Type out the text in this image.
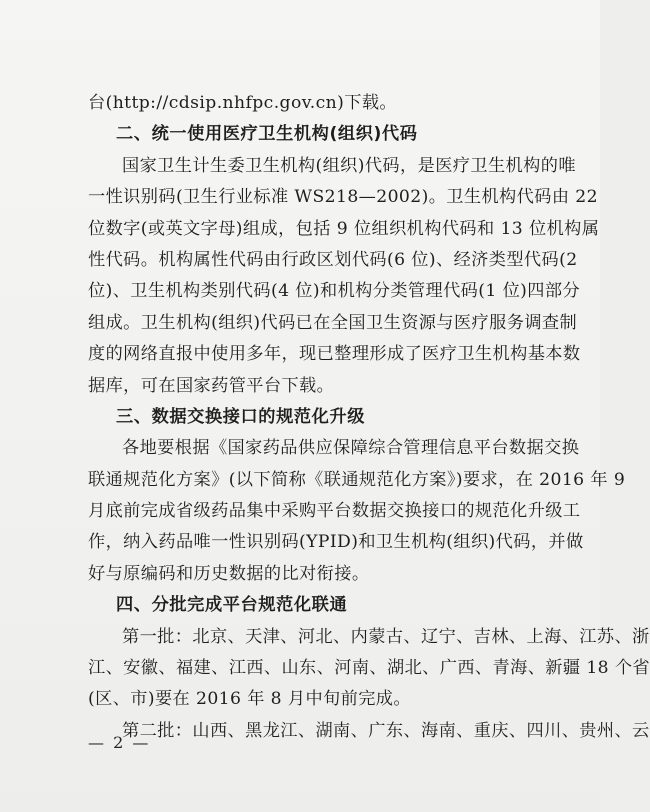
台(http://cdsip.nhfpc.gov.cn)下载。
二、统一使用医疗卫生机构(组织)代码
国家卫生计生委卫生机构(组织)代码，是医疗卫生机构的唯
一性识别码(卫生行业标准 WS218—2002)。卫生机构代码由 22
位数字(或英文字母)组成，包括 9 位组织机构代码和 13 位机构属
性代码。机构属性代码由行政区划代码(6 位)、经济类型代码(2
位)、卫生机构类别代码(4 位)和机构分类管理代码(1 位)四部分
组成。卫生机构(组织)代码已在全国卫生资源与医疗服务调查制
度的网络直报中使用多年，现已整理形成了医疗卫生机构基本数
据库，可在国家药管平台下载。
三、数据交换接口的规范化升级
各地要根据《国家药品供应保障综合管理信息平台数据交换
联通规范化方案》(以下简称《联通规范化方案》)要求，在 2016 年 9
月底前完成省级药品集中采购平台数据交换接口的规范化升级工
作，纳入药品唯一性识别码(YPID)和卫生机构(组织)代码，并做
好与原编码和历史数据的比对衔接。
四、分批完成平台规范化联通
第一批：北京、天津、河北、内蒙古、辽宁、吉林、上海、江苏、浙
江、安徽、福建、江西、山东、河南、湖北、广西、青海、新疆 18 个省
(区、市)要在 2016 年 8 月中旬前完成。
第二批：山西、黑龙江、湖南、广东、海南、重庆、四川、贵州、云
— 2 —
